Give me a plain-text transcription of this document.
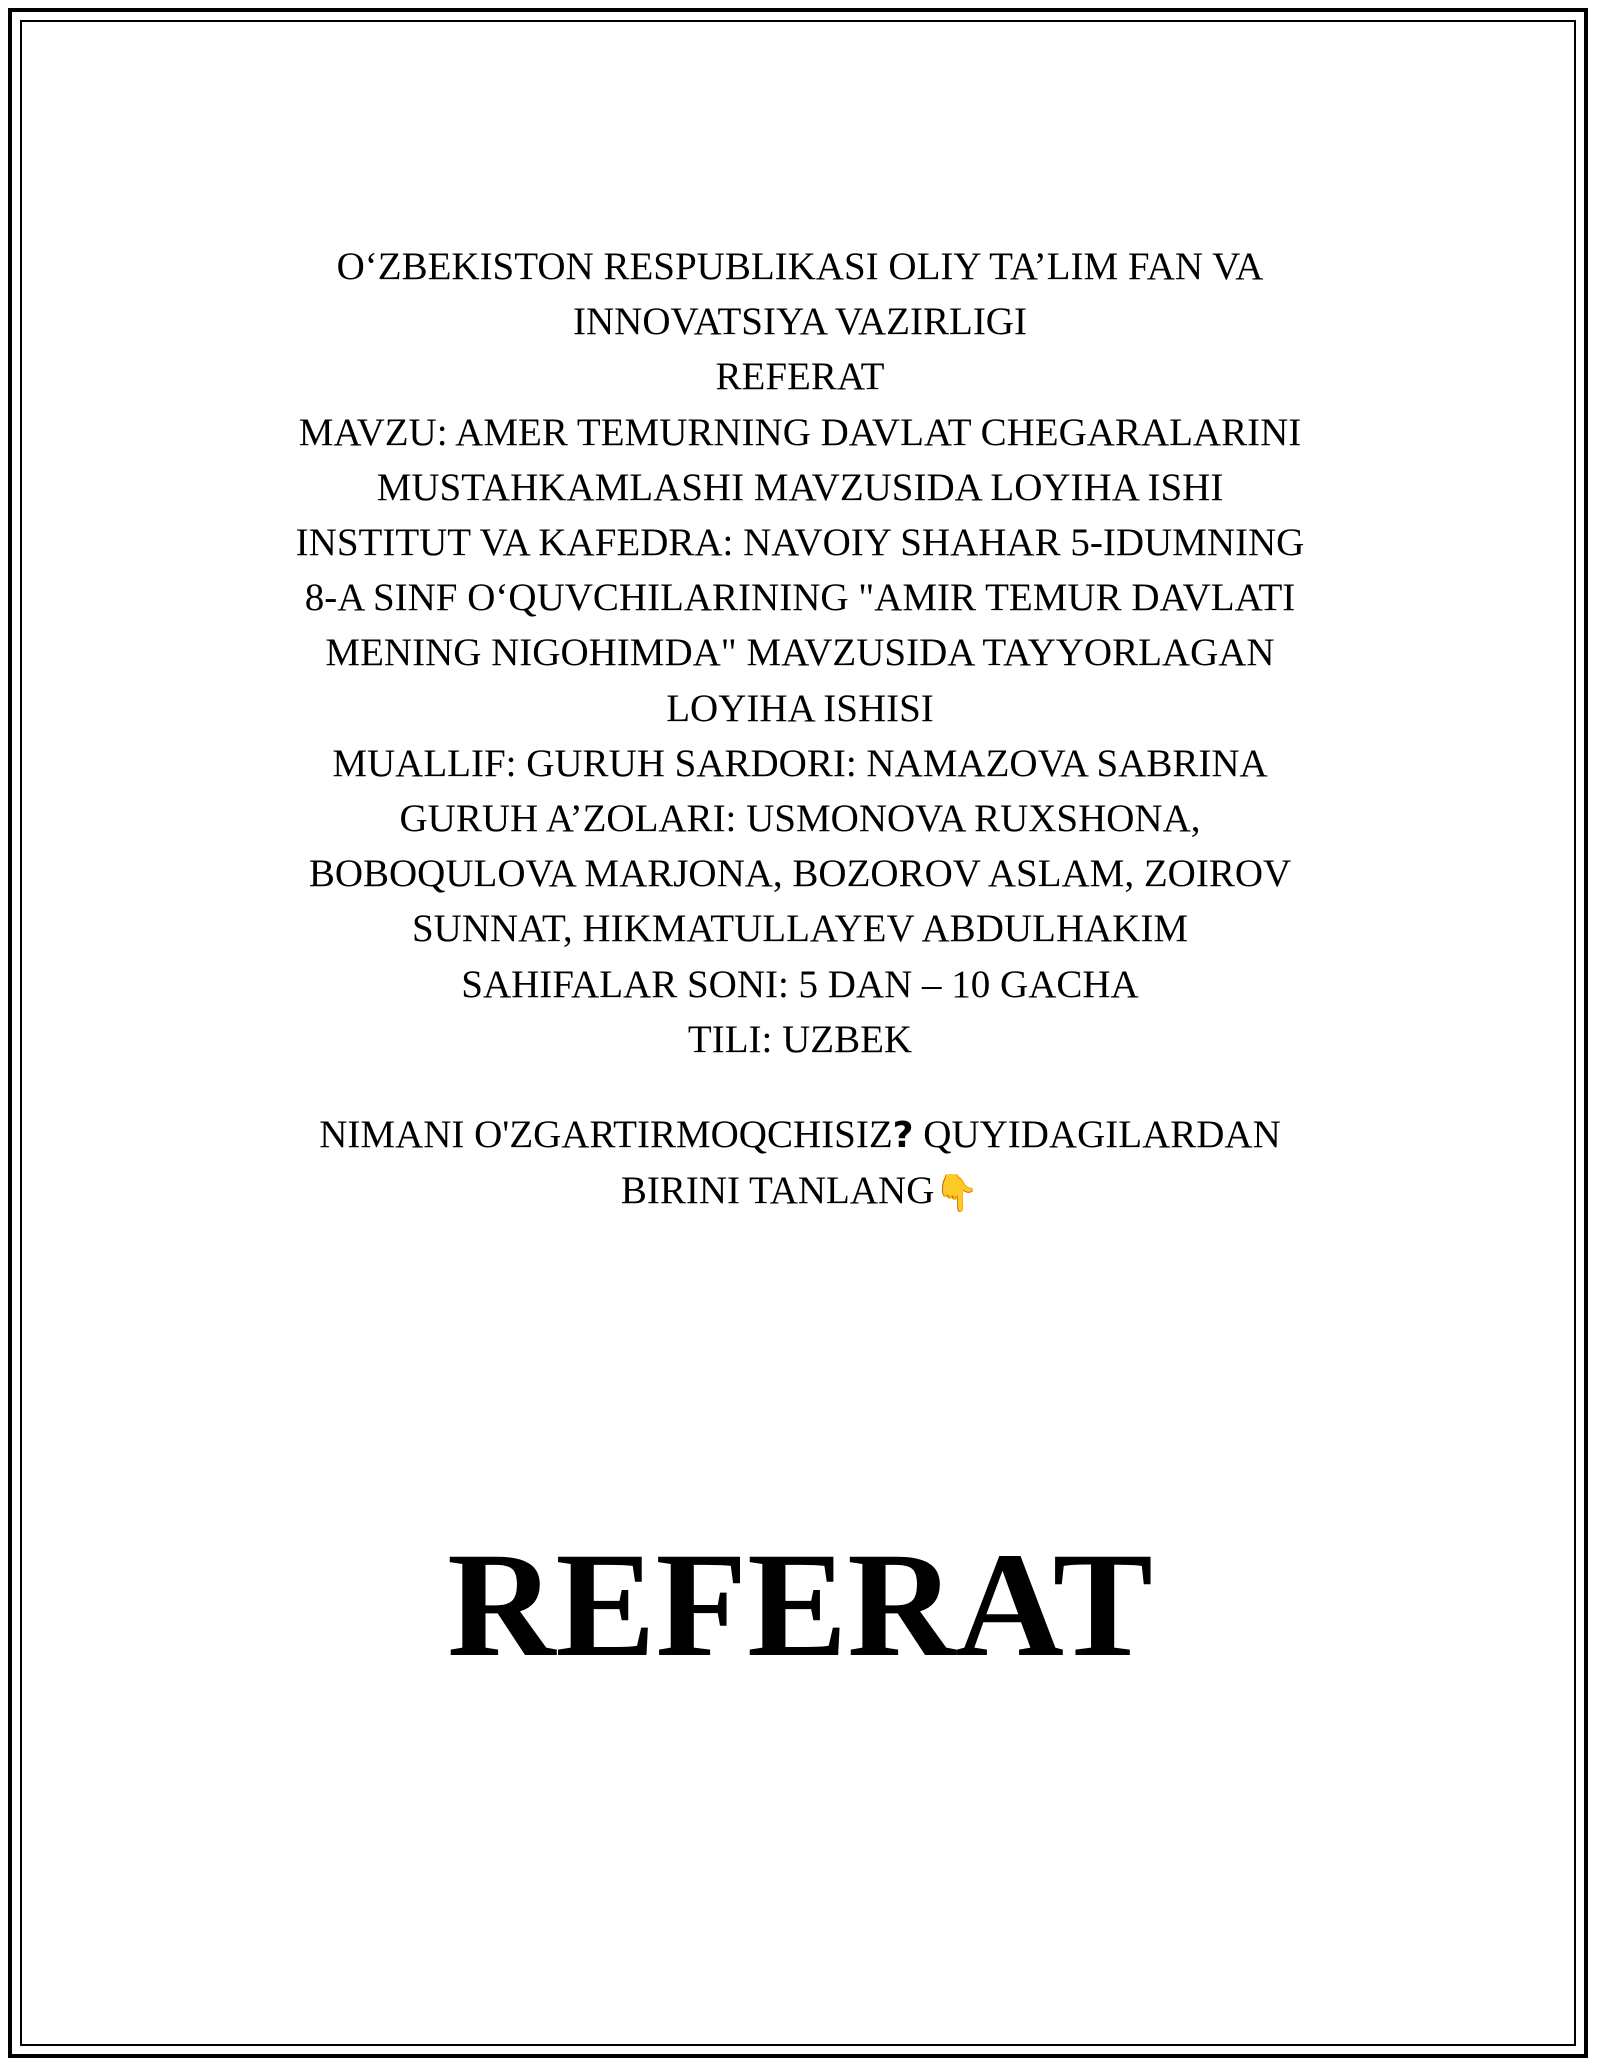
O‘ZBEKISTON RESPUBLIKASI OLIY TA’LIM FAN VA
INNOVATSIYA VAZIRLIGI
REFERAT
MAVZU: AMER TEMURNING DAVLAT CHEGARALARINI
MUSTAHKAMLASHI MAVZUSIDA LOYIHA ISHI
INSTITUT VA KAFEDRA: NAVOIY SHAHAR 5-IDUMNING
8-A SINF O‘QUVCHILARINING "AMIR TEMUR DAVLATI
MENING NIGOHIMDA" MAVZUSIDA TAYYORLAGAN
LOYIHA ISHISI
MUALLIF: GURUH SARDORI: NAMAZOVA SABRINA
GURUH A’ZOLARI: USMONOVA RUXSHONA,
BOBOQULOVA MARJONA, BOZOROV ASLAM, ZOIROV
SUNNAT, HIKMATULLAYEV ABDULHAKIM
SAHIFALAR SONI: 5 DAN – 10 GACHA
TILI: UZBEK
NIMANI O'ZGARTIRMOQCHISIZ? QUYIDAGILARDAN
BIRINI TANLANG👇
REFERAT
